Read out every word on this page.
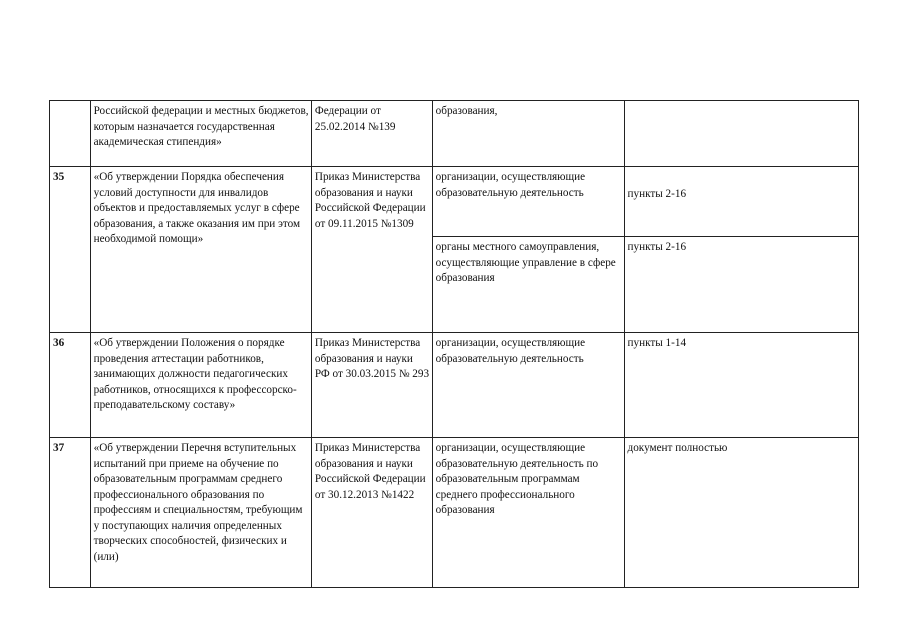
	Российской федерации и местных бюджетов, которым назначается государственная академическая стипендия»	Федерации от 25.02.2014 №139	образования,	
35	«Об утверждении Порядка обеспечения условий доступности для инвалидов объектов и предоставляемых услуг в сфере образования, а также оказания им при этом необходимой помощи»	Приказ Министерства образования и науки Российской Федерации от 09.11.2015 №1309	организации, осуществляющие образовательную деятельность	пункты 2-16
			органы местного самоуправления, осуществляющие управление в сфере образования	пункты 2-16
36	«Об утверждении Положения о порядке проведения аттестации работников, занимающих должности педагогических работников, относящихся к профессорско-преподавательскому составу»	Приказ Министерства образования и науки РФ от 30.03.2015 № 293	организации, осуществляющие образовательную деятельность	пункты 1-14
37	«Об утверждении Перечня вступительных испытаний при приеме на обучение по образовательным программам среднего профессионального образования по профессиям и специальностям, требующим у поступающих наличия определенных творческих способностей, физических и (или)	Приказ Министерства образования и науки Российской Федерации от 30.12.2013 №1422	организации, осуществляющие образовательную деятельность по образовательным программам среднего профессионального образования	документ полностью
